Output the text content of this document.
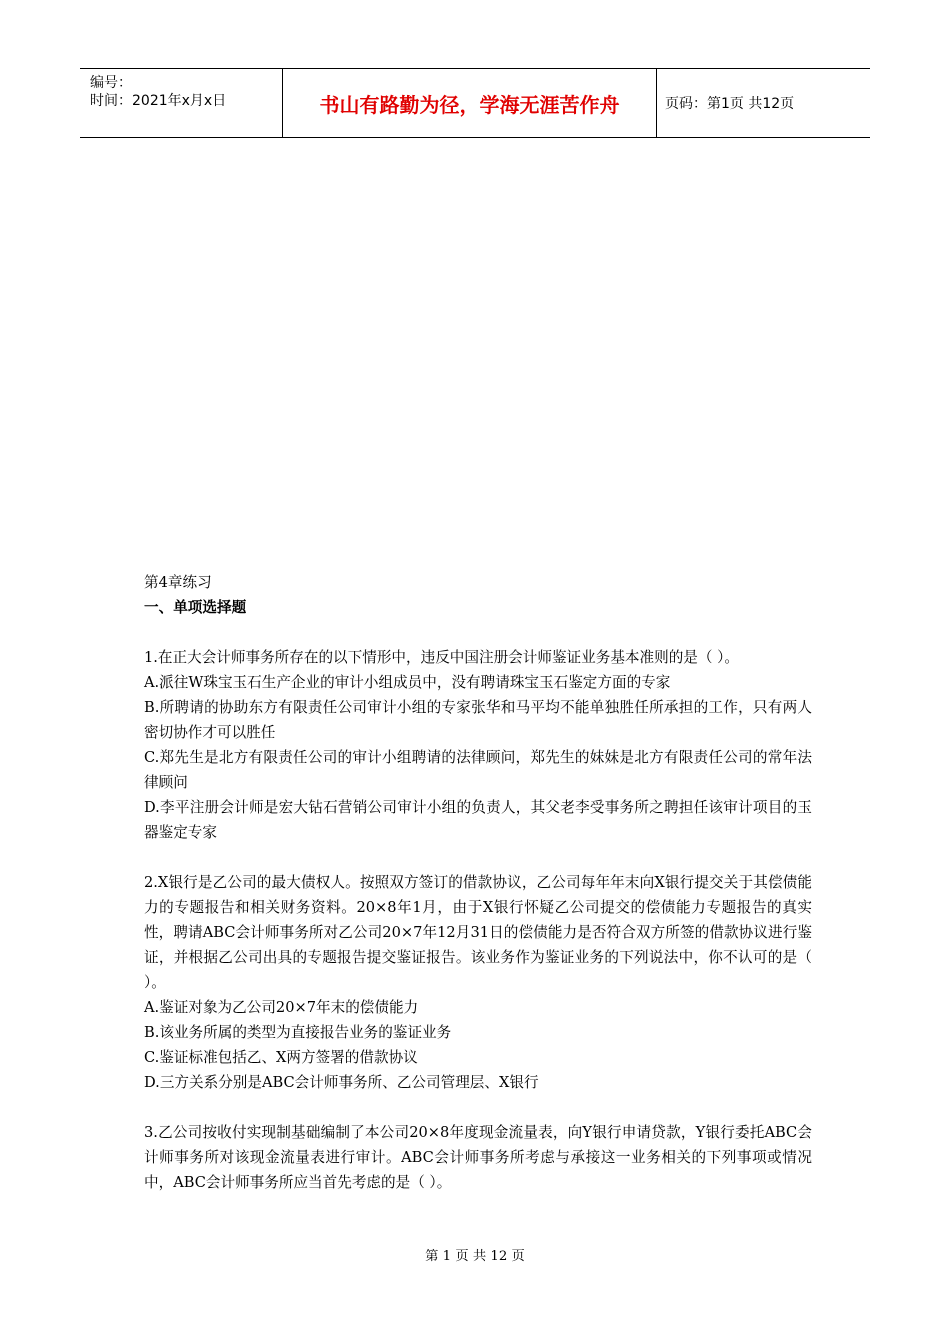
编号：
时间：2021年x月x日	书山有路勤为径，学海无涯苦作舟	页码：第1页 共12页

第4章练习

一、单项选择题

1.在正大会计师事务所存在的以下情形中，违反中国注册会计师鉴证业务基本准则的是（ ）。

A.派往W珠宝玉石生产企业的审计小组成员中，没有聘请珠宝玉石鉴定方面的专家

B.所聘请的协助东方有限责任公司审计小组的专家张华和马平均不能单独胜任所承担的工作，只有两人密切协作才可以胜任

C.郑先生是北方有限责任公司的审计小组聘请的法律顾问，郑先生的妹妹是北方有限责任公司的常年法律顾问

D.李平注册会计师是宏大钻石营销公司审计小组的负责人，其父老李受事务所之聘担任该审计项目的玉器鉴定专家

2.X银行是乙公司的最大债权人。按照双方签订的借款协议，乙公司每年年末向X银行提交关于其偿债能力的专题报告和相关财务资料。20×8年1月，由于X银行怀疑乙公司提交的偿债能力专题报告的真实性，聘请ABC会计师事务所对乙公司20×7年12月31日的偿债能力是否符合双方所签的借款协议进行鉴证，并根据乙公司出具的专题报告提交鉴证报告。该业务作为鉴证业务的下列说法中，你不认可的是（ ）。

A.鉴证对象为乙公司20×7年末的偿债能力

B.该业务所属的类型为直接报告业务的鉴证业务

C.鉴证标准包括乙、X两方签署的借款协议

D.三方关系分别是ABC会计师事务所、乙公司管理层、X银行

3.乙公司按收付实现制基础编制了本公司20×8年度现金流量表，向Y银行申请贷款，Y银行委托ABC会计师事务所对该现金流量表进行审计。ABC会计师事务所考虑与承接这一业务相关的下列事项或情况中，ABC会计师事务所应当首先考虑的是（ ）。

第 1 页 共 12 页
